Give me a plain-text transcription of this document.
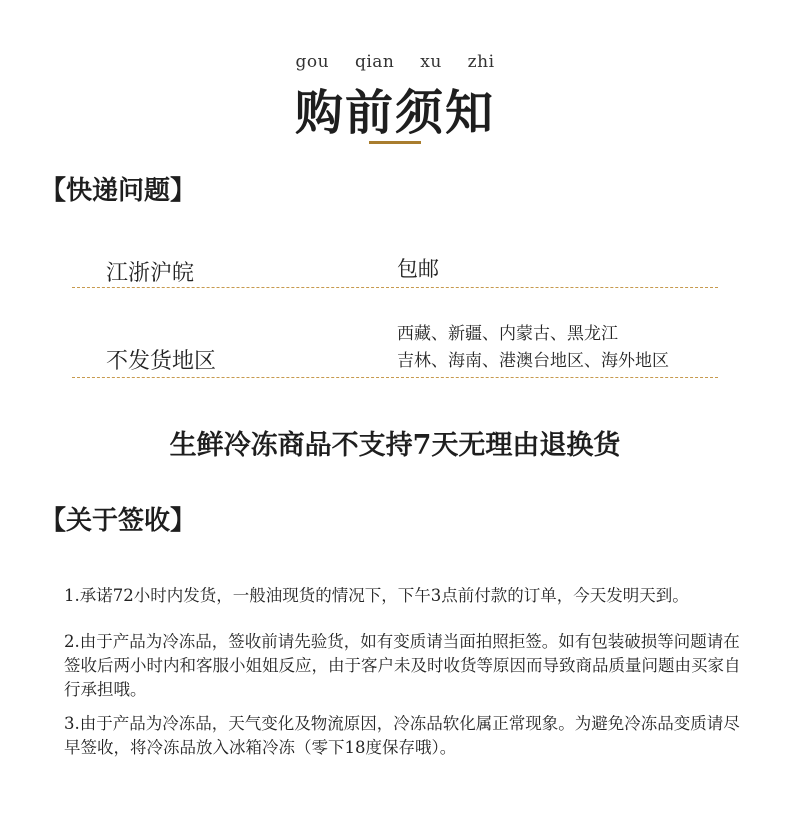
gou qian xu zhi
购前须知
【快递问题】
江浙沪皖	包邮
不发货地区
西藏、新疆、内蒙古、黑龙江
吉林、海南、港澳台地区、海外地区
生鲜冷冻商品不支持7天无理由退换货
【关于签收】
1.承诺72小时内发货，一般油现货的情况下，下午3点前付款的订单，今天发明天到。
2.由于产品为冷冻品，签收前请先验货，如有变质请当面拍照拒签。如有包装破损等问题请在签收后两小时内和客服小姐姐反应，由于客户未及时收货等原因而导致商品质量问题由买家自行承担哦。
3.由于产品为冷冻品，天气变化及物流原因，冷冻品软化属正常现象。为避免冷冻品变质请尽早签收，将冷冻品放入冰箱冷冻（零下18度保存哦）。
